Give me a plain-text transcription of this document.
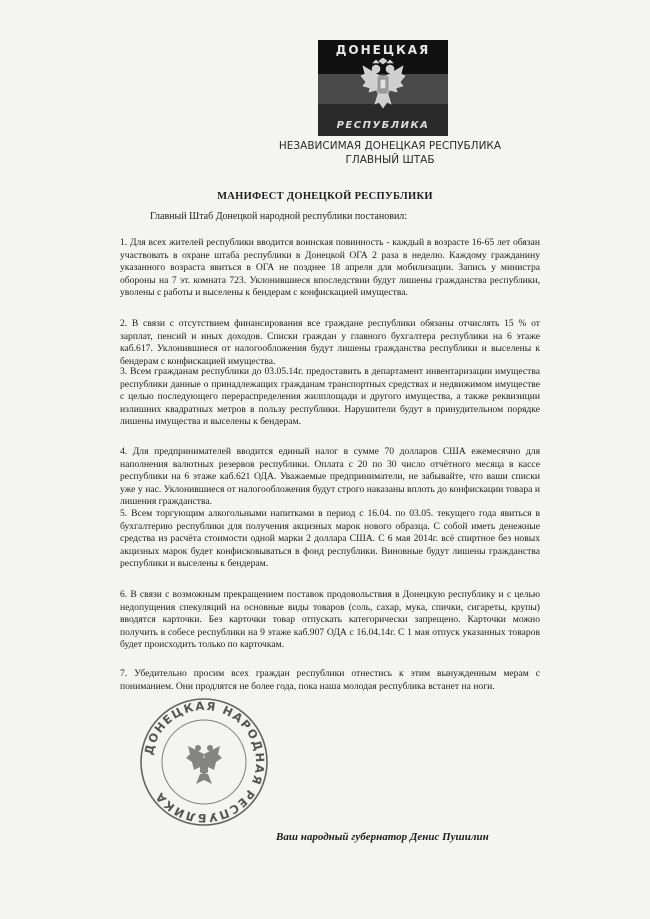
ДОНЕЦКАЯ
РЕСПУБЛИКА
НЕЗАВИСИМАЯ ДОНЕЦКАЯ РЕСПУБЛИКА
ГЛАВНЫЙ ШТАБ
МАНИФЕСТ ДОНЕЦКОЙ РЕСПУБЛИКИ
Главный Штаб Донецкой народной республики постановил:
1. Для всех жителей республики вводится воинская повинность - каждый в возрасте 16-65 лет обязан участвовать в охране штаба республики в Донецкой ОГА 2 раза в неделю. Каждому гражданину указанного возраста явиться в ОГА не позднее 18 апреля для мобилизации. Запись у министра обороны на 7 эт. комната 723. Уклонившиеся впоследствии будут лишены гражданства республики, уволены с работы и выселены к бендерам с конфискацией имущества.
2. В связи с отсутствием финансирования все граждане республики обязаны отчислять 15 % от зарплат, пенсий и иных доходов. Списки граждан у главного бухгалтера республики на 6 этаже каб.617. Уклонившиеся от налогообложения будут лишены гражданства республики и выселены к бендерам с конфискацией имущества.
3. Всем гражданам республики до 03.05.14г. предоставить в департамент инвентаризации имущества республики данные о принадлежащих гражданам транспортных средствах и недвижимом имуществе с целью последующего перераспределения жилплощади и другого имущества, а также реквизиции излишних квадратных метров в пользу республики. Нарушители будут в принудительном порядке лишены имущества и выселены к бендерам.
4. Для предпринимателей вводится единый налог в сумме 70 долларов США ежемесячно для наполнения валютных резервов республики. Оплата с 20 по 30 число отчётного месяца в кассе республики на 6 этаже каб.621 ОДА. Уважаемые предприниматели, не забывайте, что ваши списки уже у нас. Уклонившиеся от налогообложения будут строго наказаны вплоть до конфискации товара и лишения гражданства.
5. Всем торгующим алкогольными напитками в период с 16.04. по 03.05. текущего года явиться в бухгалтерию республики для получения акцизных марок нового образца. С собой иметь денежные средства из расчёта стоимости одной марки 2 доллара США. С 6 мая 2014г. всё спиртное без новых акцизных марок будет конфисковываться в фонд республики. Виновные будут лишены гражданства республики и выселены к бендерам.
6. В связи с возможным прекращением поставок продовольствия в Донецкую республику и с целью недопущения спекуляций на основные виды товаров (соль, сахар, мука, спички, сигареты, крупы) вводятся карточки. Без карточки товар отпускать категорически запрещено. Карточки можно получить в собесе республики на 9 этаже каб.907 ОДА с 16.04.14г. С 1 мая отпуск указанных товаров будет происходить только по карточкам.
7. Убедительно просим всех граждан республики отнестись к этим вынужденным мерам с пониманием. Они продлятся не более года, пока наша молодая республика встанет на ноги.
ДОНЕЦКАЯ НАРОДНАЯ РЕСПУБЛИКА
Ваш народный губернатор Денис Пушилин
